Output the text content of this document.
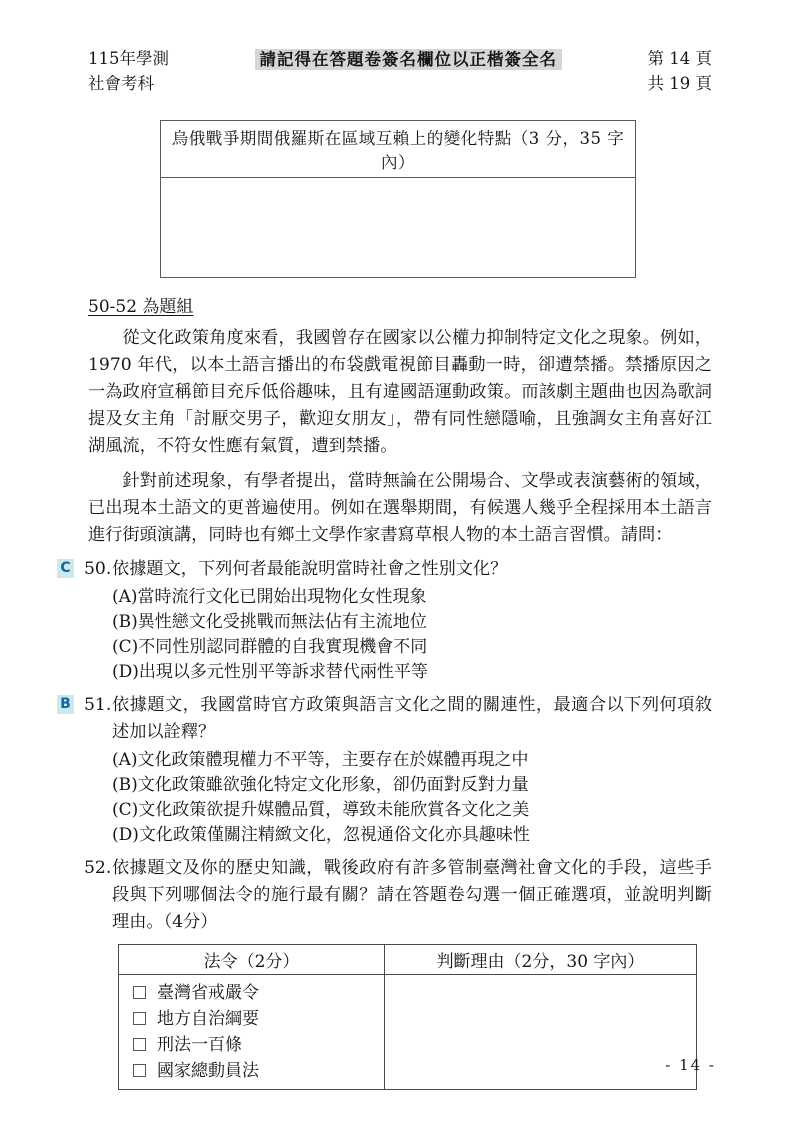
115年學測
社會考科
請記得在答題卷簽名欄位以正楷簽全名	第 14 頁
共 19 頁
烏俄戰爭期間俄羅斯在區域互賴上的變化特點（3 分，35 字內）
50-52 為題組

從文化政策角度來看，我國曾存在國家以公權力抑制特定文化之現象。例如，1970 年代，以本土語言播出的布袋戲電視節目轟動一時，卻遭禁播。禁播原因之一為政府宣稱節目充斥低俗趣味，且有違國語運動政策。而該劇主題曲也因為歌詞提及女主角「討厭交男子，歡迎女朋友」，帶有同性戀隱喻，且強調女主角喜好江湖風流，不符女性應有氣質，遭到禁播。

針對前述現象，有學者提出，當時無論在公開場合、文學或表演藝術的領域，已出現本土語文的更普遍使用。例如在選舉期間，有候選人幾乎全程採用本土語言進行街頭演講，同時也有鄉土文學作家書寫草根人物的本土語言習慣。請問：

C 50. 依據題文，下列何者最能說明當時社會之性別文化？
(A)當時流行文化已開始出現物化女性現象
(B)異性戀文化受挑戰而無法佔有主流地位
(C)不同性別認同群體的自我實現機會不同
(D)出現以多元性別平等訴求替代兩性平等
B 51. 依據題文，我國當時官方政策與語言文化之間的關連性，最適合以下列何項敘述加以詮釋？
(A)文化政策體現權力不平等，主要存在於媒體再現之中
(B)文化政策雖欲強化特定文化形象，卻仍面對反對力量
(C)文化政策欲提升媒體品質，導致未能欣賞各文化之美
(D)文化政策僅關注精緻文化，忽視通俗文化亦具趣味性
52. 依據題文及你的歷史知識，戰後政府有許多管制臺灣社會文化的手段，這些手段與下列哪個法令的施行最有關？請在答題卷勾選一個正確選項，並說明判斷理由。（4分）
法令（2分）	判斷理由（2分，30 字內）

臺灣省戒嚴令
地方自治綱要
刑法一百條
國家總動員法	
		- 14 -
